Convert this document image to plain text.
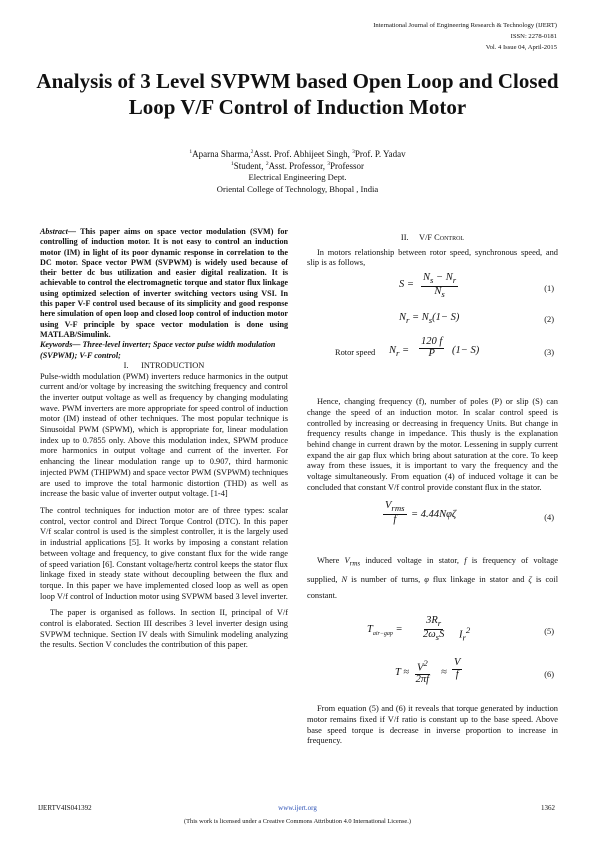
International Journal of Engineering Research & Technology (IJERT)
ISSN: 2278-0181
Vol. 4 Issue 04, April-2015
Analysis of 3 Level SVPWM based Open Loop and Closed Loop V/F Control of Induction Motor
$^1$Aparna Sharma,$^2$Asst. Prof. Abhijeet Singh, $^3$Prof. P. Yadav
$^1$Student, $^2$Asst. Professor, $^3$Professor
Electrical Engineering Dept.
Oriental College of Technology, Bhopal , India

Abstract— This paper aims on space vector modulation (SVM) for controlling of induction motor. It is not easy to control an induction motor (IM) in light of its poor dynamic response in correlation to the DC motor. Space vector PWM (SVPWM) is widely used because of their better dc bus utilization and easier digital realization. It is achievable to control the electromagnetic torque and stator flux linkage using optimized selection of inverter switching vectors using VSI. In this paper V-F control used because of its simplicity and good response here simulation of open loop and closed loop control of induction motor using V-F principle by space vector modulation is done using MATLAB/Simulink.

Keywords— Three-level inverter; Space vector pulse width modulation (SVPWM); V-F control;

I. INTRODUCTION

Pulse-width modulation (PWM) inverters reduce harmonics in the output current and/or voltage by increasing the switching frequency and control the inverter output voltage as well as frequency by changing modulating wave. PWM inverters are more appropriate for speed control of induction motor (IM) instead of other techniques. The most popular technique is Sinusoidal PWM (SPWM), which is appropriate for, linear modulation index up to 0.7855 only. Above this modulation index, SPWM produce more harmonics in output voltage and current of the inverter. For enhancing the linear modulation range up to 0.907, third harmonic injected PWM (THIPWM) and space vector PWM (SVPWM) techniques are used to improve the total harmonic distortion (THD) as well as increase the basic value of inverter output voltage. [1-4]

The control techniques for induction motor are of three types: scalar control, vector control and Direct Torque Control (DTC). In this paper V/f scalar control is used is the simplest controller, it is the largely used in industrial applications [5]. It works by imposing a constant relation between voltage and frequency, to give constant flux for the wide range of speed variation [6]. Constant voltage/hertz control keeps the stator flux linkage fixed in steady state without decoupling between the flux and torque. In this paper we have implemented closed loop as well as open loop V/f control of Induction motor using SVPWM based 3 level inverter.

The paper is organised as follows. In section II, principal of V/f control is elaborated. Section III describes 3 level inverter design using SVPWM technique. Section IV deals with Simulink modeling analyzing the results. Section V concludes the contribution of this paper.

II. V/F Control

In motors relationship between rotor speed, synchronous speed, and slip is as follows,

$S = \frac{N_s - N_r}{N_s}$	(1)
$N_r = N_s(1- S)$	(2)
Rotor speed $N_r = \frac{120 f}{P} (1- S)$	(3)

Hence, changing frequency (f), number of poles (P) or slip (S) can change the speed of an induction motor. In scalar control speed is controlled by increasing or decreasing in frequency Units. But change in frequency results change in impedance. This thusly is the explanation behind change in current drawn by the motor. Lessening in supply current expand the air gap flux which bring about saturation at the core. To keep away from these issues, it is important to vary the frequency and the voltage simultaneously. From equation (4) of induced voltage it can be concluded that constant V/f control provide constant flux in the stator.

$V_{rms}$
f = 4.44Nφζ	(4)

Where $V_{rms}$ induced voltage in stator, f is frequency of voltage supplied, N is number of turns, φ flux linkage in stator and ζ is coil constant.

$T_{air-gap}$ =
$3R_r$
$2\omega_sS$ $I_r^2$	(5)
$T \approx \frac{V^2}{2\pi f} \approx \frac{V}{f}$	(6)

From equation (5) and (6) it reveals that torque generated by induction motor remains fixed if V/f ratio is constant up to the base speed. Above base speed torque is decrease in inverse proportion to increase in frequency.

IJERTV4IS041392	www.ijert.org	1362
(This work is licensed under a Creative Commons Attribution 4.0 International License.)
